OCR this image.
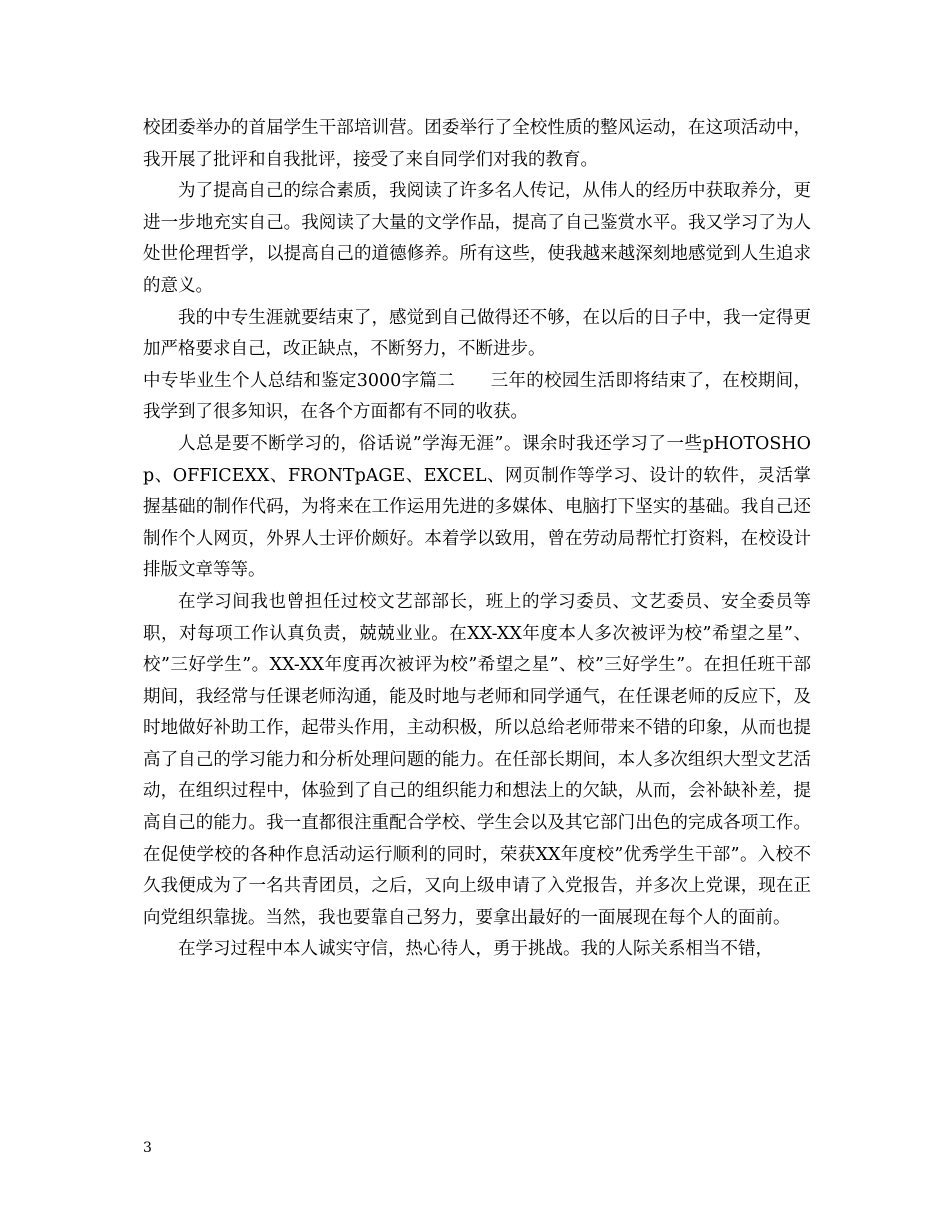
校团委举办的首届学生干部培训营。团委举行了全校性质的整风运动，在这项活动中，我开展了批评和自我批评，接受了来自同学们对我的教育。

为了提高自己的综合素质，我阅读了许多名人传记，从伟人的经历中获取养分，更进一步地充实自己。我阅读了大量的文学作品，提高了自己鉴赏水平。我又学习了为人处世伦理哲学，以提高自己的道德修养。所有这些，使我越来越深刻地感觉到人生追求的意义。

我的中专生涯就要结束了，感觉到自己做得还不够，在以后的日子中，我一定得更加严格要求自己，改正缺点，不断努力，不断进步。

中专毕业生个人总结和鉴定3000字篇二　　三年的校园生活即将结束了，在校期间，我学到了很多知识，在各个方面都有不同的收获。

人总是要不断学习的，俗话说”学海无涯”。课余时我还学习了一些pHOTOSHOp、OFFICEXX、FRONTpAGE、EXCEL、网页制作等学习、设计的软件，灵活掌握基础的制作代码，为将来在工作运用先进的多媒体、电脑打下坚实的基础。我自己还制作个人网页，外界人士评价颇好。本着学以致用，曾在劳动局帮忙打资料，在校设计排版文章等等。

在学习间我也曾担任过校文艺部部长，班上的学习委员、文艺委员、安全委员等职，对每项工作认真负责，兢兢业业。在XX-XX年度本人多次被评为校”希望之星”、校”三好学生”。XX-XX年度再次被评为校”希望之星”、校”三好学生”。在担任班干部期间，我经常与任课老师沟通，能及时地与老师和同学通气，在任课老师的反应下，及时地做好补助工作，起带头作用，主动积极，所以总给老师带来不错的印象，从而也提高了自己的学习能力和分析处理问题的能力。在任部长期间，本人多次组织大型文艺活动，在组织过程中，体验到了自己的组织能力和想法上的欠缺，从而，会补缺补差，提高自己的能力。我一直都很注重配合学校、学生会以及其它部门出色的完成各项工作。在促使学校的各种作息活动运行顺利的同时，荣获XX年度校”优秀学生干部”。入校不久我便成为了一名共青团员，之后，又向上级申请了入党报告，并多次上党课，现在正向党组织靠拢。当然，我也要靠自己努力，要拿出最好的一面展现在每个人的面前。

在学习过程中本人诚实守信，热心待人，勇于挑战。我的人际关系相当不错，

3
